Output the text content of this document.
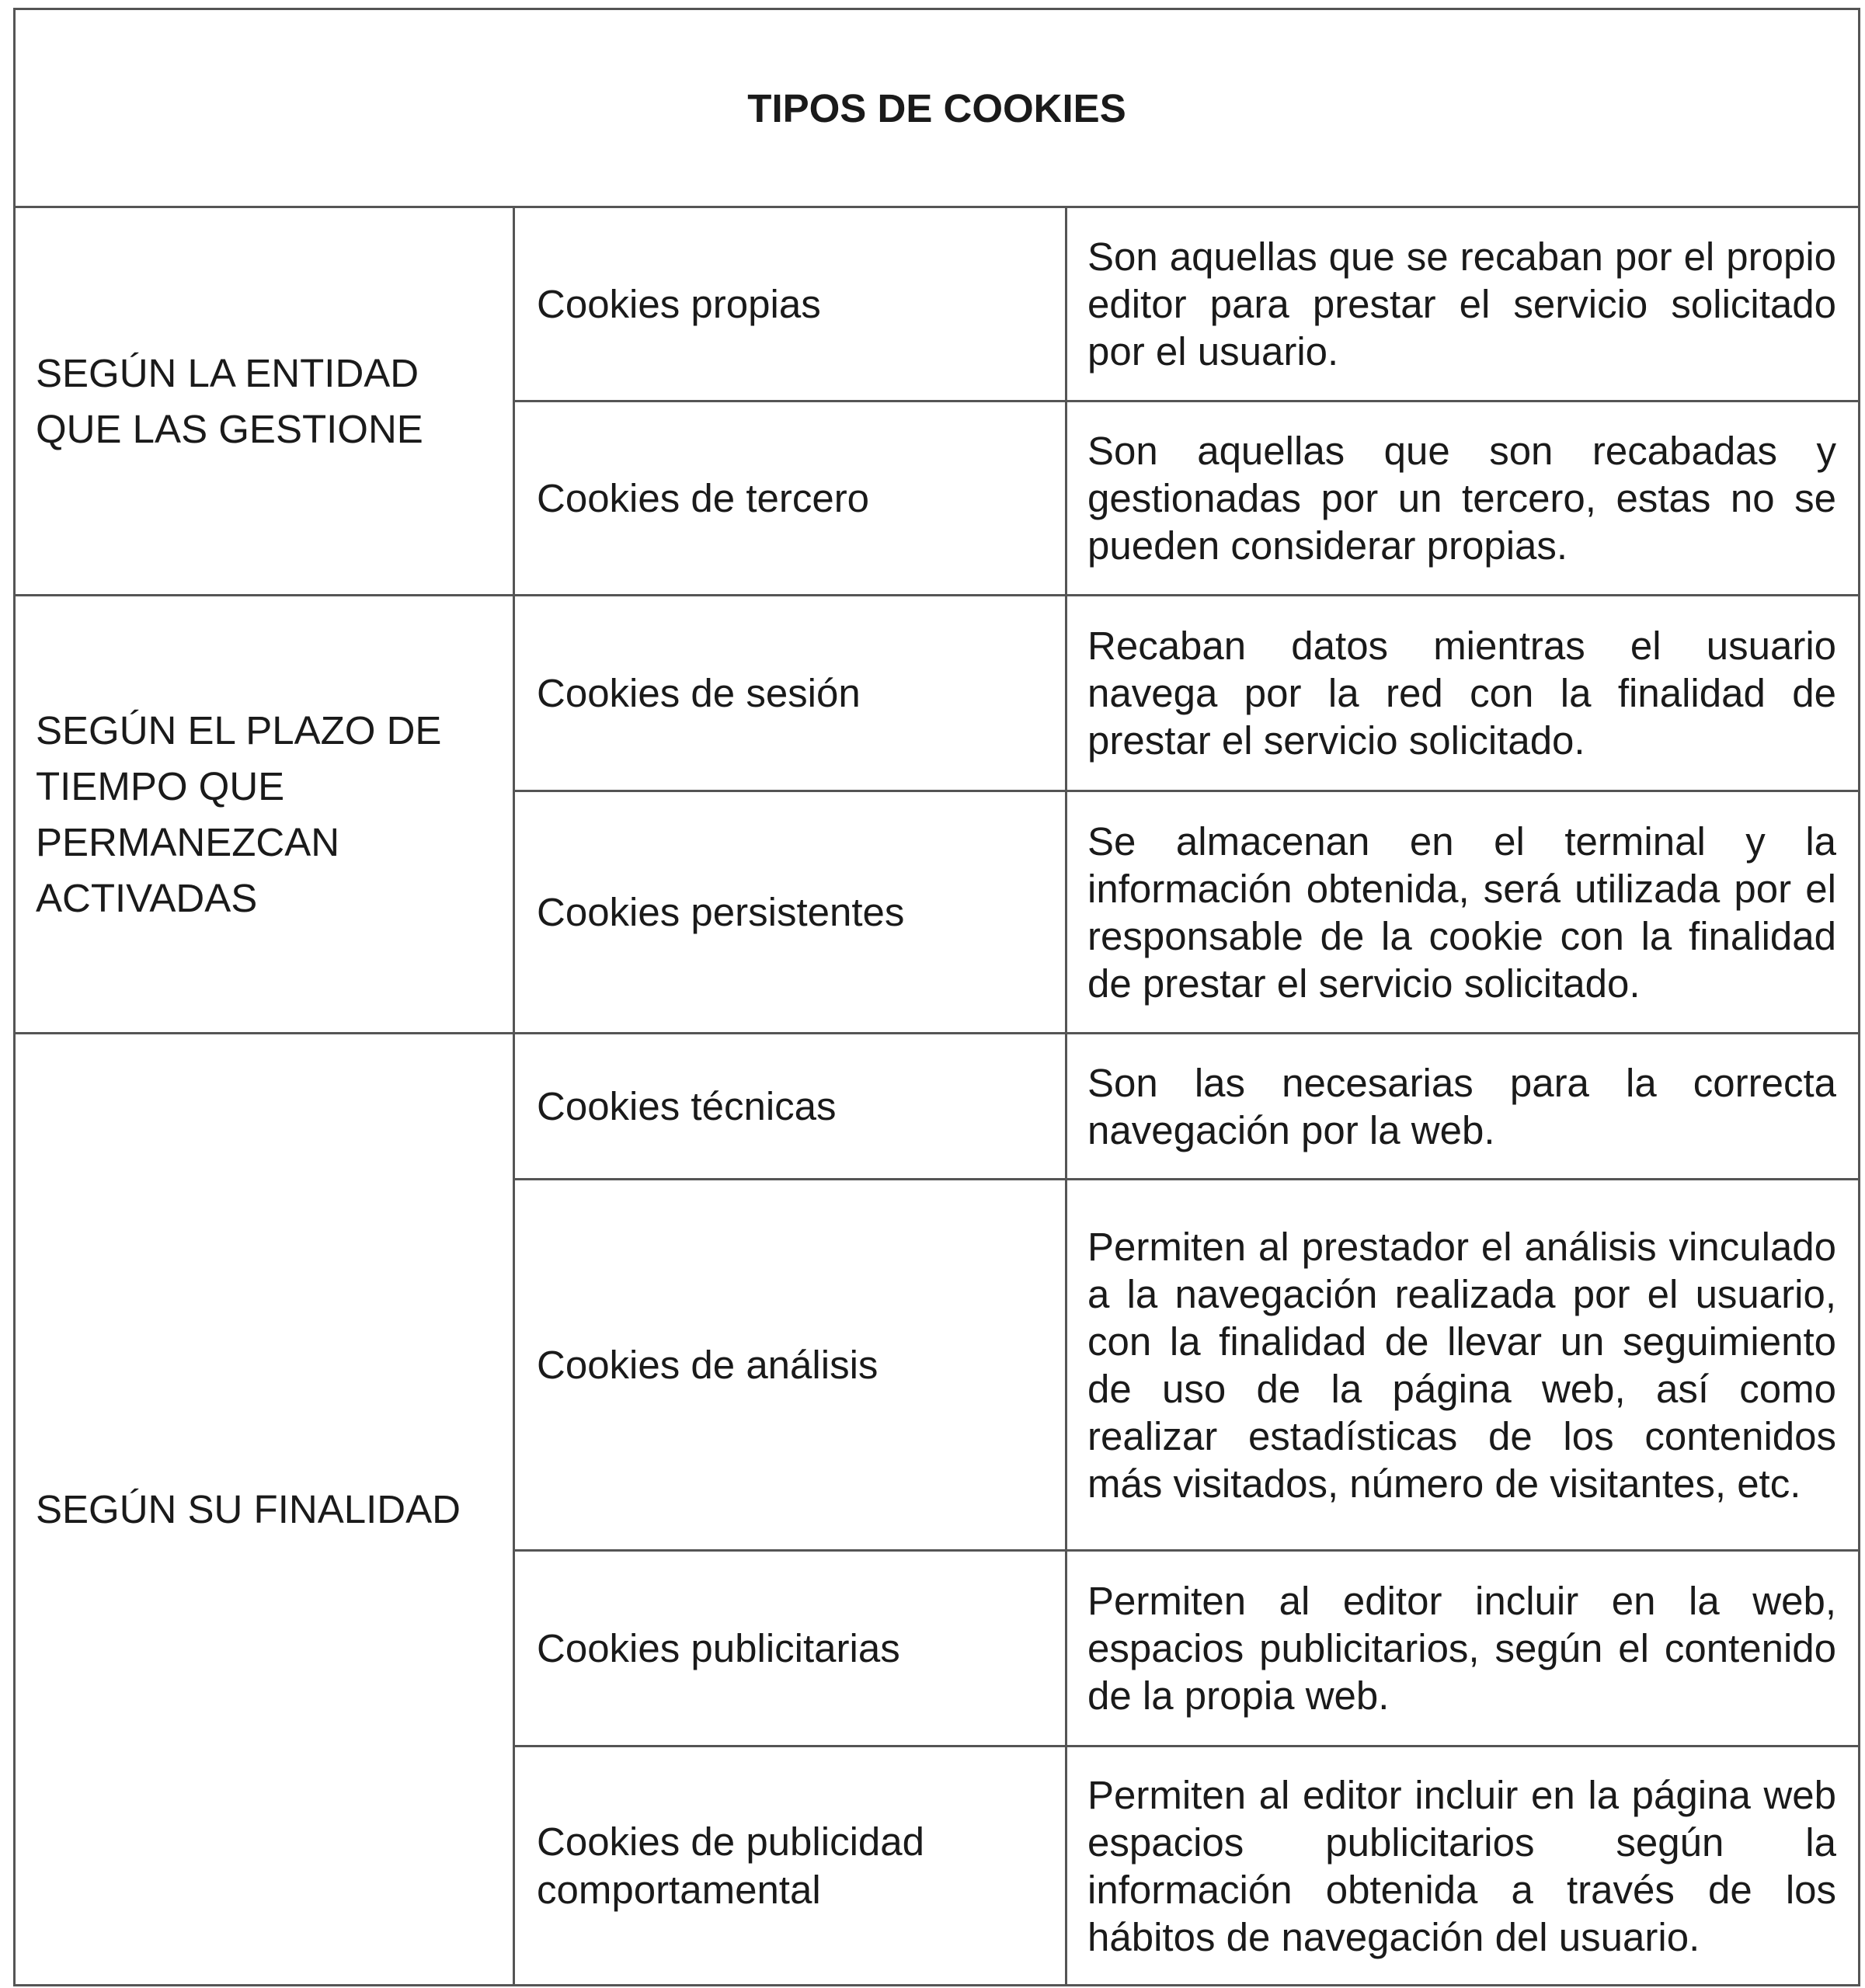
TIPOS DE COOKIES		
SEGÚN LA ENTIDAD QUE LAS GESTIONE	Cookies propias	Son aquellas que se recaban por el propio editor para prestar el servicio solicitado por el usuario.
	Cookies de tercero	Son aquellas que son recabadas y gestionadas por un tercero, estas no se pueden considerar propias.
SEGÚN EL PLAZO DE TIEMPO QUE PERMANEZCAN ACTIVADAS	Cookies de sesión	Recaban datos mientras el usuario navega por la red con la finalidad de prestar el servicio solicitado.
	Cookies persistentes	Se almacenan en el terminal y la información obtenida, será utilizada por el responsable de la cookie con la finalidad de prestar el servicio solicitado.
SEGÚN SU FINALIDAD	Cookies técnicas	Son las necesarias para la correcta navegación por la web.
	Cookies de análisis	Permiten al prestador el análisis vinculado a la navegación realizada por el usuario, con la finalidad de llevar un seguimiento de uso de la página web, así como realizar estadísticas de los contenidos más visitados, número de visitantes, etc.
	Cookies publicitarias	Permiten al editor incluir en la web, espacios publicitarios, según el contenido de la propia web.
	Cookies de publicidad comportamental	Permiten al editor incluir en la página web espacios publicitarios según la información obtenida a través de los hábitos de navegación del usuario.
